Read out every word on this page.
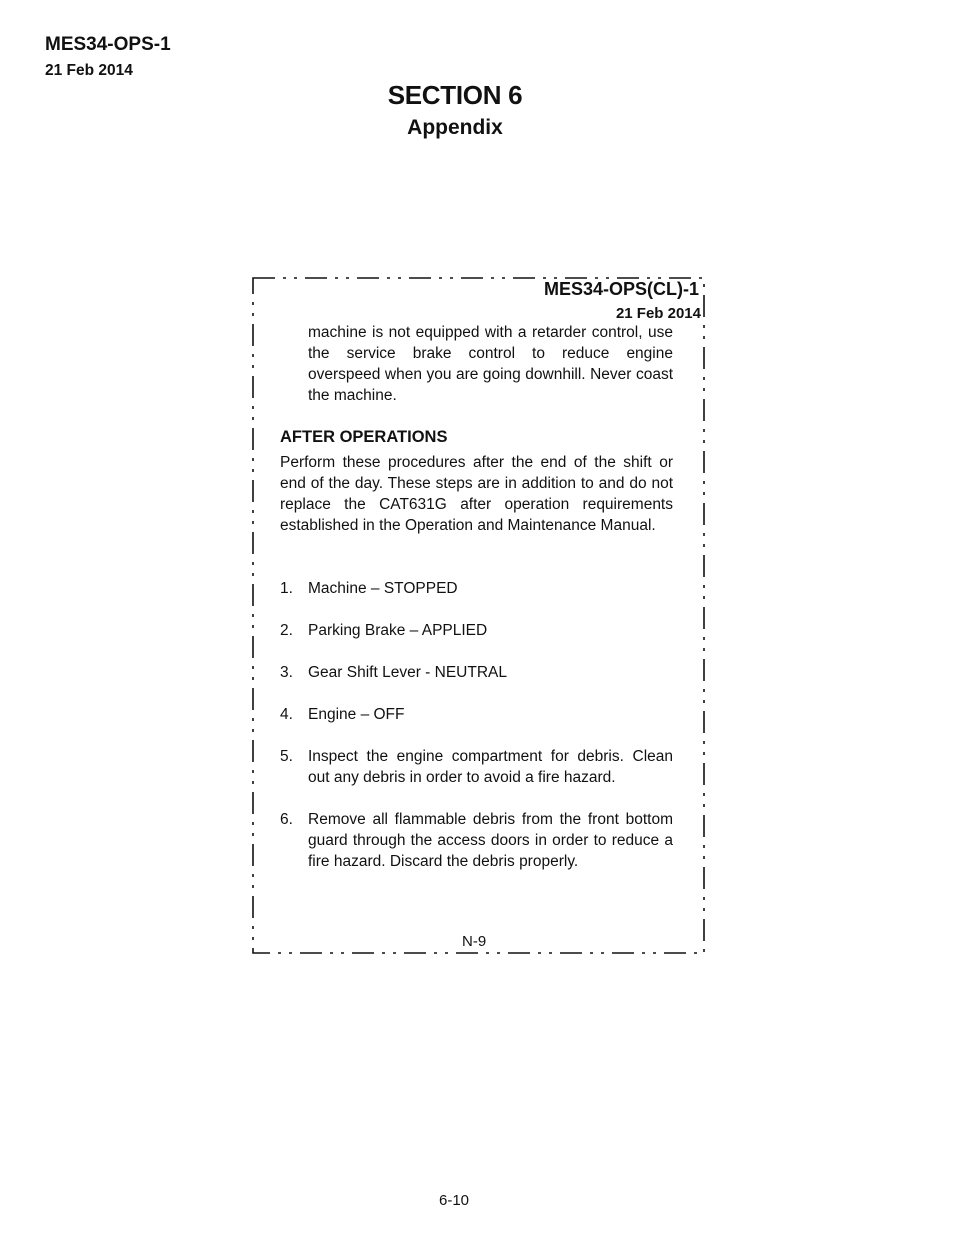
MES34-OPS-1
21 Feb 2014
SECTION 6
Appendix
MES34-OPS(CL)-1
21 Feb 2014
machine is not equipped with a retarder control, use the service brake control to reduce engine overspeed when you are going downhill. Never coast the machine.
AFTER OPERATIONS
Perform these procedures after the end of the shift or end of the day. These steps are in addition to and do not replace the CAT631G after operation requirements established in the Operation and Maintenance Manual.
1. Machine – STOPPED
2. Parking Brake – APPLIED
3. Gear Shift Lever - NEUTRAL
4. Engine – OFF
5. Inspect the engine compartment for debris. Clean out any debris in order to avoid a fire hazard.
6. Remove all flammable debris from the front bottom guard through the access doors in order to reduce a fire hazard. Discard the debris properly.
N-9
6-10
